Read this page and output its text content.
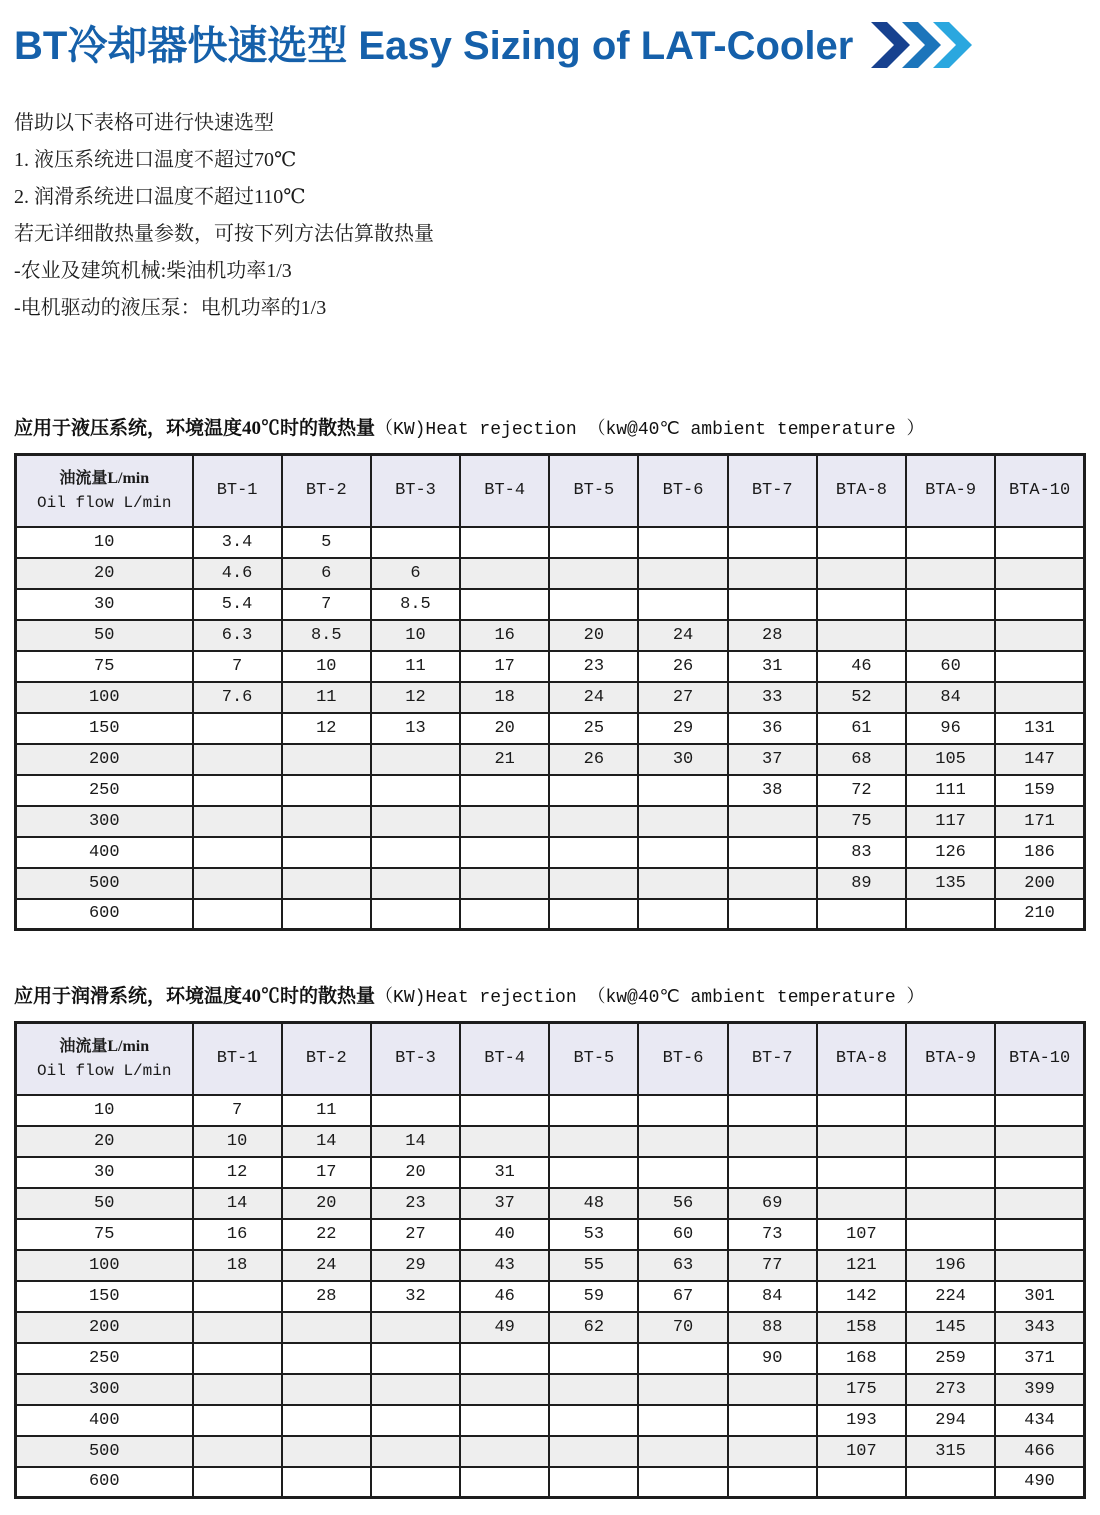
BT冷却器快速选型 Easy Sizing of LAT-Cooler

借助以下表格可进行快速选型

1. 液压系统进口温度不超过70℃

2. 润滑系统进口温度不超过110℃

若无详细散热量参数，可按下列方法估算散热量

-农业及建筑机械:柴油机功率1/3

-电机驱动的液压泵：电机功率的1/3

应用于液压系统，环境温度40℃时的散热量（KW)Heat rejection （kw@40℃ ambient temperature ）

油流量L/min
Oil flow L/min	BT-1	BT-2	BT-3	BT-4	BT-5	BT-6	BT-7	BTA-8	BTA-9	BTA-10
10	3.4	5								
20	4.6	6	6							
30	5.4	7	8.5							
50	6.3	8.5	10	16	20	24	28			
75	7	10	11	17	23	26	31	46	60	
100	7.6	11	12	18	24	27	33	52	84	
150		12	13	20	25	29	36	61	96	131
200				21	26	30	37	68	105	147
250							38	72	111	159
300								75	117	171
400								83	126	186
500								89	135	200
600										210

应用于润滑系统，环境温度40℃时的散热量（KW)Heat rejection （kw@40℃ ambient temperature ）

油流量L/min
Oil flow L/min	BT-1	BT-2	BT-3	BT-4	BT-5	BT-6	BT-7	BTA-8	BTA-9	BTA-10
10	7	11								
20	10	14	14							
30	12	17	20	31						
50	14	20	23	37	48	56	69			
75	16	22	27	40	53	60	73	107		
100	18	24	29	43	55	63	77	121	196	
150		28	32	46	59	67	84	142	224	301
200				49	62	70	88	158	145	343
250							90	168	259	371
300								175	273	399
400								193	294	434
500								107	315	466
600										490
